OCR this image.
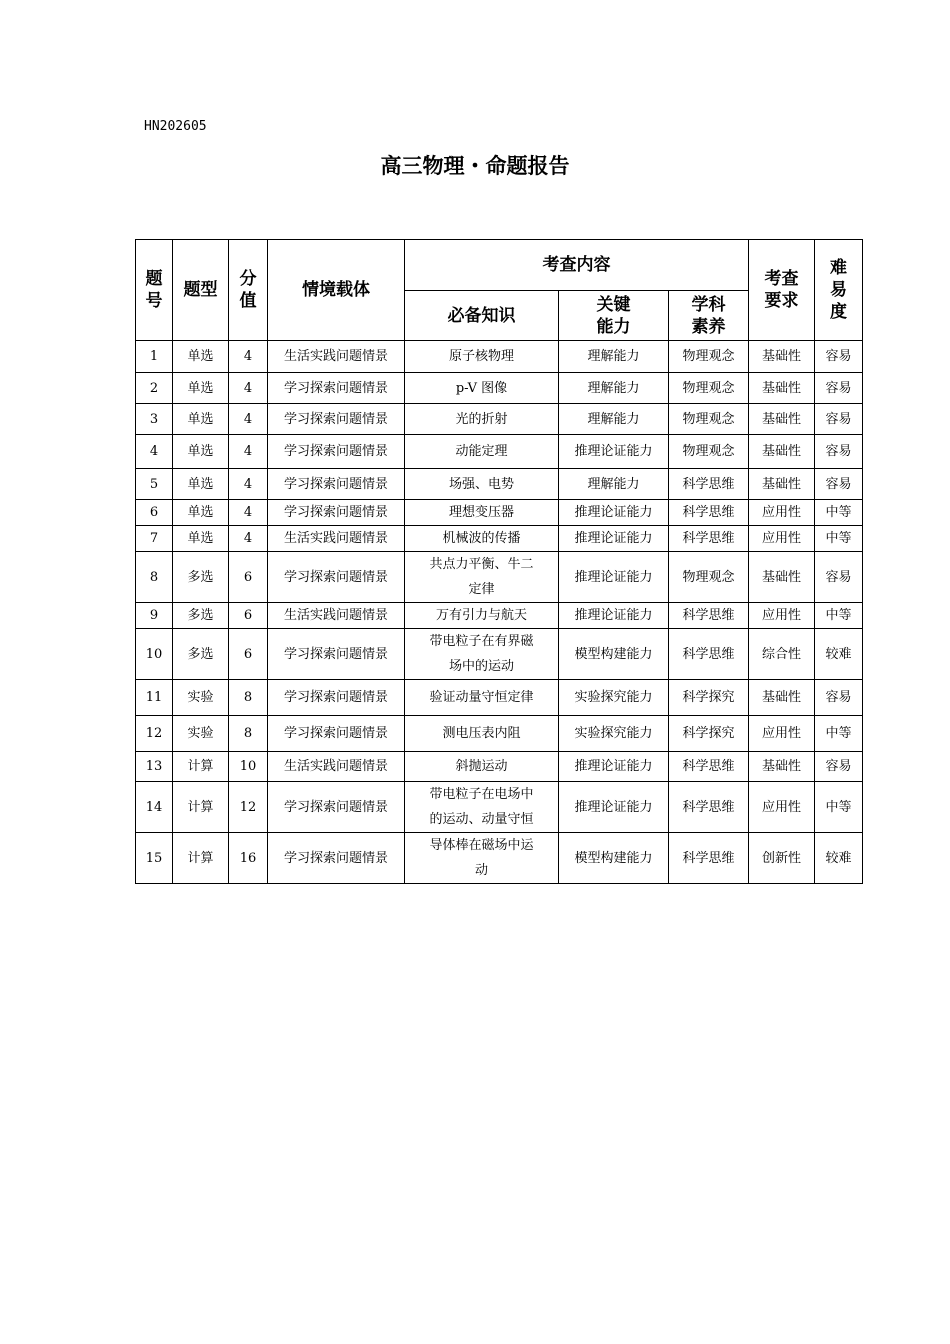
HN202605
高三物理・命题报告
题号	题型	分值	情境载体	考查内容			考查要求	难易度

				必备知识	关键能力	学科素养		

1	单选	4	生活实践问题情景	原子核物理	理解能力	物理观念	基础性	容易
2	单选	4	学习探索问题情景	p-V 图像	理解能力	物理观念	基础性	容易
3	单选	4	学习探索问题情景	光的折射	理解能力	物理观念	基础性	容易
4	单选	4	学习探索问题情景	动能定理	推理论证能力	物理观念	基础性	容易
5	单选	4	学习探索问题情景	场强、电势	理解能力	科学思维	基础性	容易
6	单选	4	学习探索问题情景	理想变压器	推理论证能力	科学思维	应用性	中等
7	单选	4	生活实践问题情景	机械波的传播	推理论证能力	科学思维	应用性	中等
8	多选	6	学习探索问题情景	共点力平衡、牛二定律	推理论证能力	物理观念	基础性	容易
9	多选	6	生活实践问题情景	万有引力与航天	推理论证能力	科学思维	应用性	中等
10	多选	6	学习探索问题情景	带电粒子在有界磁场中的运动	模型构建能力	科学思维	综合性	较难
11	实验	8	学习探索问题情景	验证动量守恒定律	实验探究能力	科学探究	基础性	容易
12	实验	8	学习探索问题情景	测电压表内阻	实验探究能力	科学探究	应用性	中等
13	计算	10	生活实践问题情景	斜抛运动	推理论证能力	科学思维	基础性	容易
14	计算	12	学习探索问题情景	带电粒子在电场中的运动、动量守恒	推理论证能力	科学思维	应用性	中等
15	计算	16	学习探索问题情景	导体棒在磁场中运动	模型构建能力	科学思维	创新性	较难
